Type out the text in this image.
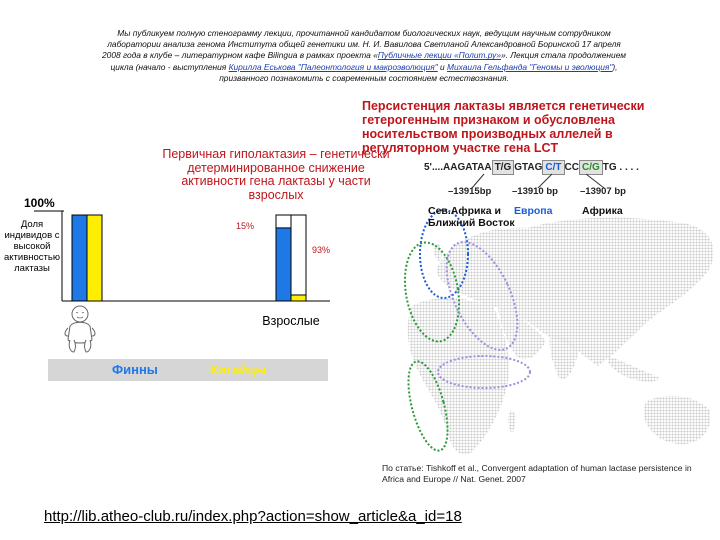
Мы публикуем полную стенограмму лекции, прочитанной кандидатом биологических наук, ведущим научным сотрудником
лаборатории анализа генома Института общей генетики им. Н. И. Вавилова Светланой Александровной Боринской 17 апреля
2008 года в клубе – литературном кафе Bilingua в рамках проекта «Публичные лекции «Полит.ру»». Лекция стала продолжением
цикла (начало - выступления Кирилла Еськова "Палеонтология и макроэволюция" и Михаила Гельфанда "Геномы и эволюция"),
призванного познакомить с современным состоянием естествознания.
Персистенция лактазы является генетически гетерогенным признаком и обусловлена носительством производных аллелей в регуляторном участке гена LCT
Первичная гиполактазия – генетически детерминированное снижение активности гена лактазы у части взрослых
5'....AAGATAA T/G GTAG C/T CC C/G TG . . . .
–13915bp –13910 bp –13907 bp
Сев.Африка и Ближний Восток
Европа	Африка
100%
Доля индивидов с высокой активностью лактазы
15%
93%
Взрослые
Финны	Китайцы
По статье: Tishkoff et al., Convergent adaptation of human lactase persistence in Africa and Europe // Nat. Genet. 2007
http://lib.atheo-club.ru/index.php?action=show_article&a_id=18
